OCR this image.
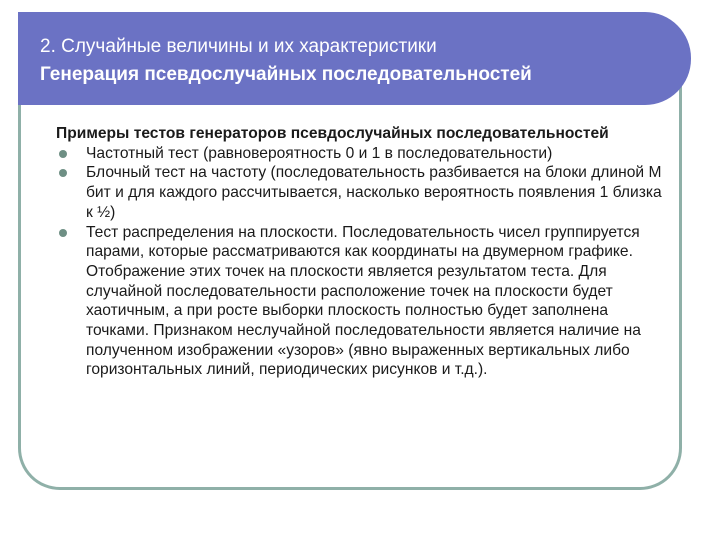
2. Случайные величины и их характеристики
Генерация псевдослучайных последовательностей

Примеры тестов генераторов псевдослучайных последовательностей

Частотный тест (равновероятность 0 и 1 в последовательности)
Блочный тест на частоту (последовательность разбивается на блоки длиной М бит и для каждого рассчитывается, насколько вероятность появления 1 близка к ½)
Тест распределения на плоскости. Последовательность чисел группируется парами, которые рассматриваются как координаты на двумерном графике. Отображение этих точек на плоскости является результатом теста. Для случайной последовательности расположение точек на плоскости будет хаотичным, а при росте выборки плоскость полностью будет заполнена точками. Признаком неслучайной последовательности является наличие на полученном изображении «узоров» (явно выраженных вертикальных либо горизонтальных линий, периодических рисунков и т.д.).
